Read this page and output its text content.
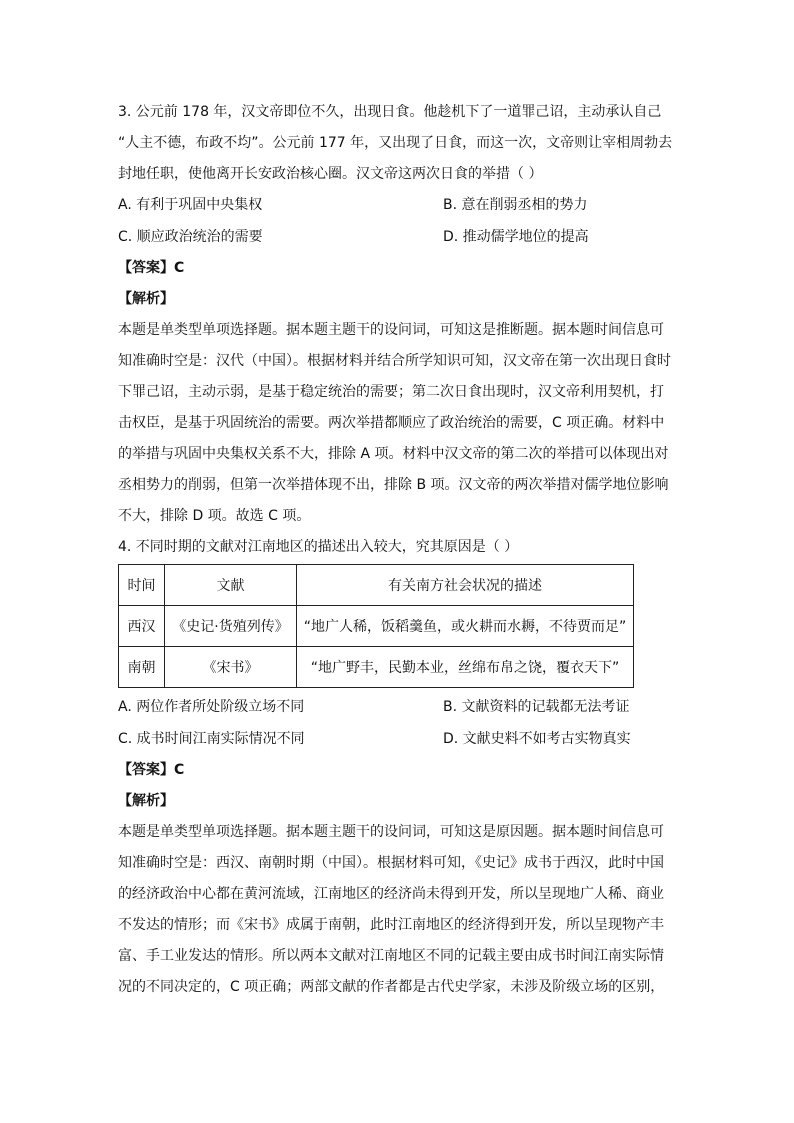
3. 公元前 178 年，汉文帝即位不久，出现日食。他趁机下了一道罪己诏，主动承认自己
“人主不德，布政不均”。公元前 177 年，又出现了日食，而这一次，文帝则让宰相周勃去
封地任职，使他离开长安政治核心圈。汉文帝这两次日食的举措（ ）
A. 有利于巩固中央集权	B. 意在削弱丞相的势力
C. 顺应政治统治的需要	D. 推动儒学地位的提高
【答案】C
【解析】
本题是单类型单项选择题。据本题主题干的设问词，可知这是推断题。据本题时间信息可
知准确时空是：汉代（中国）。根据材料并结合所学知识可知，汉文帝在第一次出现日食时
下罪己诏，主动示弱，是基于稳定统治的需要；第二次日食出现时，汉文帝利用契机，打
击权臣，是基于巩固统治的需要。两次举措都顺应了政治统治的需要，C 项正确。材料中
的举措与巩固中央集权关系不大，排除 A 项。材料中汉文帝的第二次的举措可以体现出对
丞相势力的削弱，但第一次举措体现不出，排除 B 项。汉文帝的两次举措对儒学地位影响
不大，排除 D 项。故选 C 项。
4. 不同时期的文献对江南地区的描述出入较大，究其原因是（ ）
时间	文献	有关南方社会状况的描述
西汉	《史记·货殖列传》	“地广人稀，饭稻羹鱼，或火耕而水耨，不待贾而足”
南朝	《宋书》	“地广野丰，民勤本业，丝绵布帛之饶，覆衣天下”
A. 两位作者所处阶级立场不同	B. 文献资料的记载都无法考证
C. 成书时间江南实际情况不同	D. 文献史料不如考古实物真实
【答案】C
【解析】
本题是单类型单项选择题。据本题主题干的设问词，可知这是原因题。据本题时间信息可
知准确时空是：西汉、南朝时期（中国）。根据材料可知，《史记》成书于西汉，此时中国
的经济政治中心都在黄河流域，江南地区的经济尚未得到开发，所以呈现地广人稀、商业
不发达的情形；而《宋书》成属于南朝，此时江南地区的经济得到开发，所以呈现物产丰
富、手工业发达的情形。所以两本文献对江南地区不同的记载主要由成书时间江南实际情
况的不同决定的，C 项正确；两部文献的作者都是古代史学家，未涉及阶级立场的区别，
